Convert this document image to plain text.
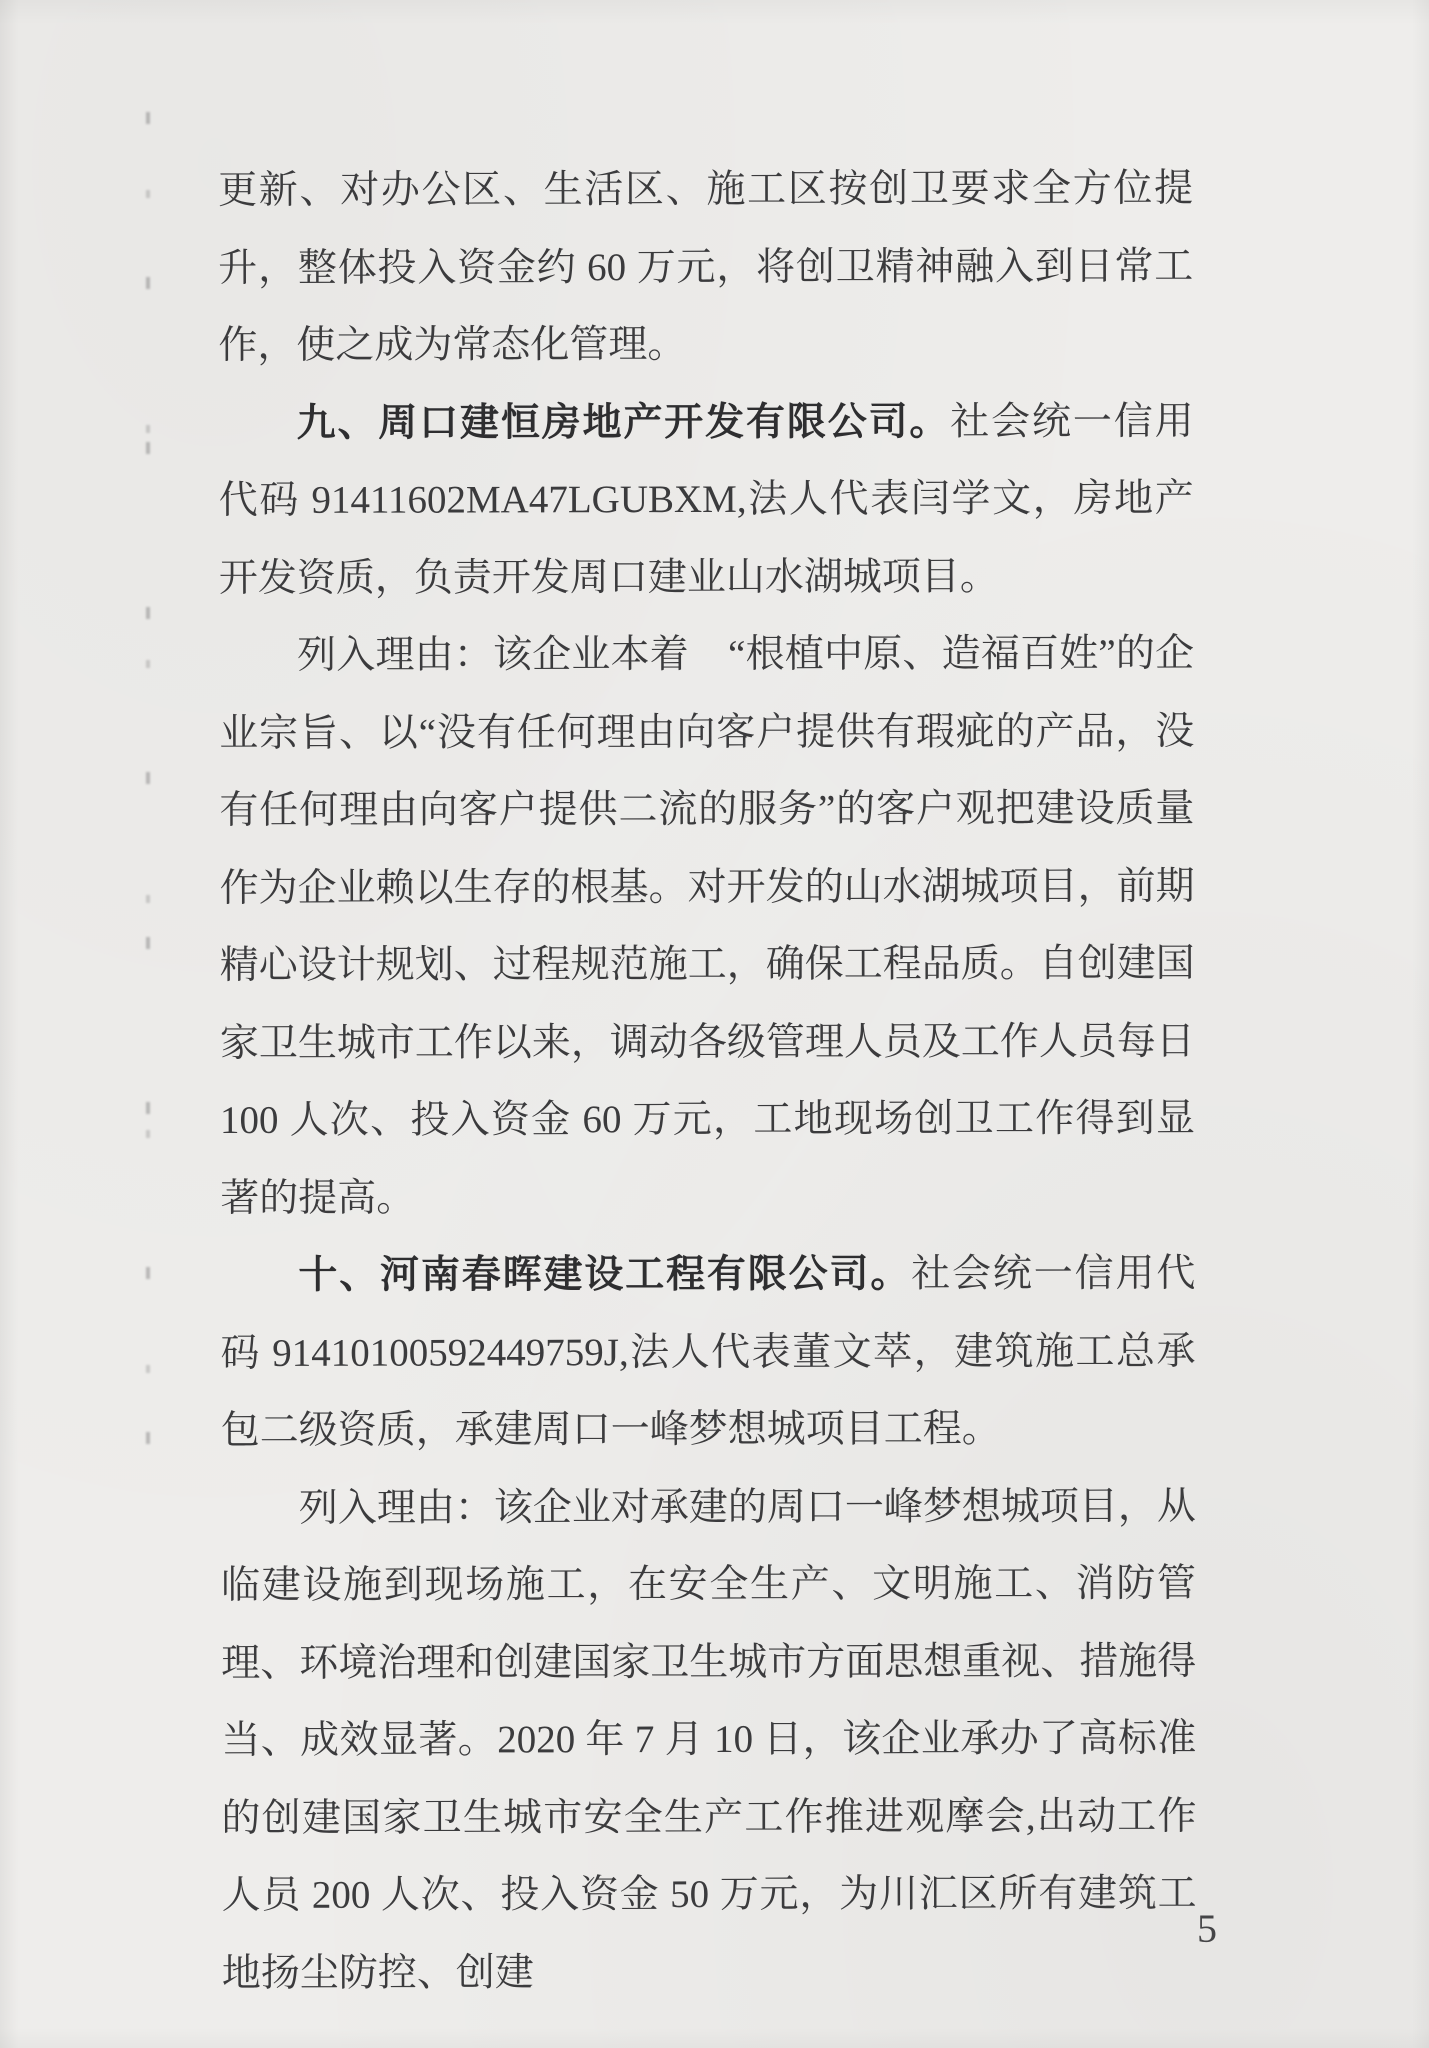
更新、对办公区、生活区、施工区按创卫要求全方位提升，整体投入资金约 60 万元，将创卫精神融入到日常工作，使之成为常态化管理。

九、周口建恒房地产开发有限公司。社会统一信用代码 91411602MA47LGUBXM,法人代表闫学文，房地产开发资质，负责开发周口建业山水湖城项目。

列入理由：该企业本着　“根植中原、造福百姓”的企业宗旨、以“没有任何理由向客户提供有瑕疵的产品，没有任何理由向客户提供二流的服务”的客户观把建设质量作为企业赖以生存的根基。对开发的山水湖城项目，前期精心设计规划、过程规范施工，确保工程品质。自创建国家卫生城市工作以来，调动各级管理人员及工作人员每日 100 人次、投入资金 60 万元，工地现场创卫工作得到显著的提高。

十、河南春晖建设工程有限公司。社会统一信用代码 91410100592449759J,法人代表董文萃，建筑施工总承包二级资质，承建周口一峰梦想城项目工程。

列入理由：该企业对承建的周口一峰梦想城项目，从临建设施到现场施工，在安全生产、文明施工、消防管理、环境治理和创建国家卫生城市方面思想重视、措施得当、成效显著。2020 年 7 月 10 日，该企业承办了高标准的创建国家卫生城市安全生产工作推进观摩会,出动工作人员 200 人次、投入资金 50 万元，为川汇区所有建筑工地扬尘防控、创建

5
